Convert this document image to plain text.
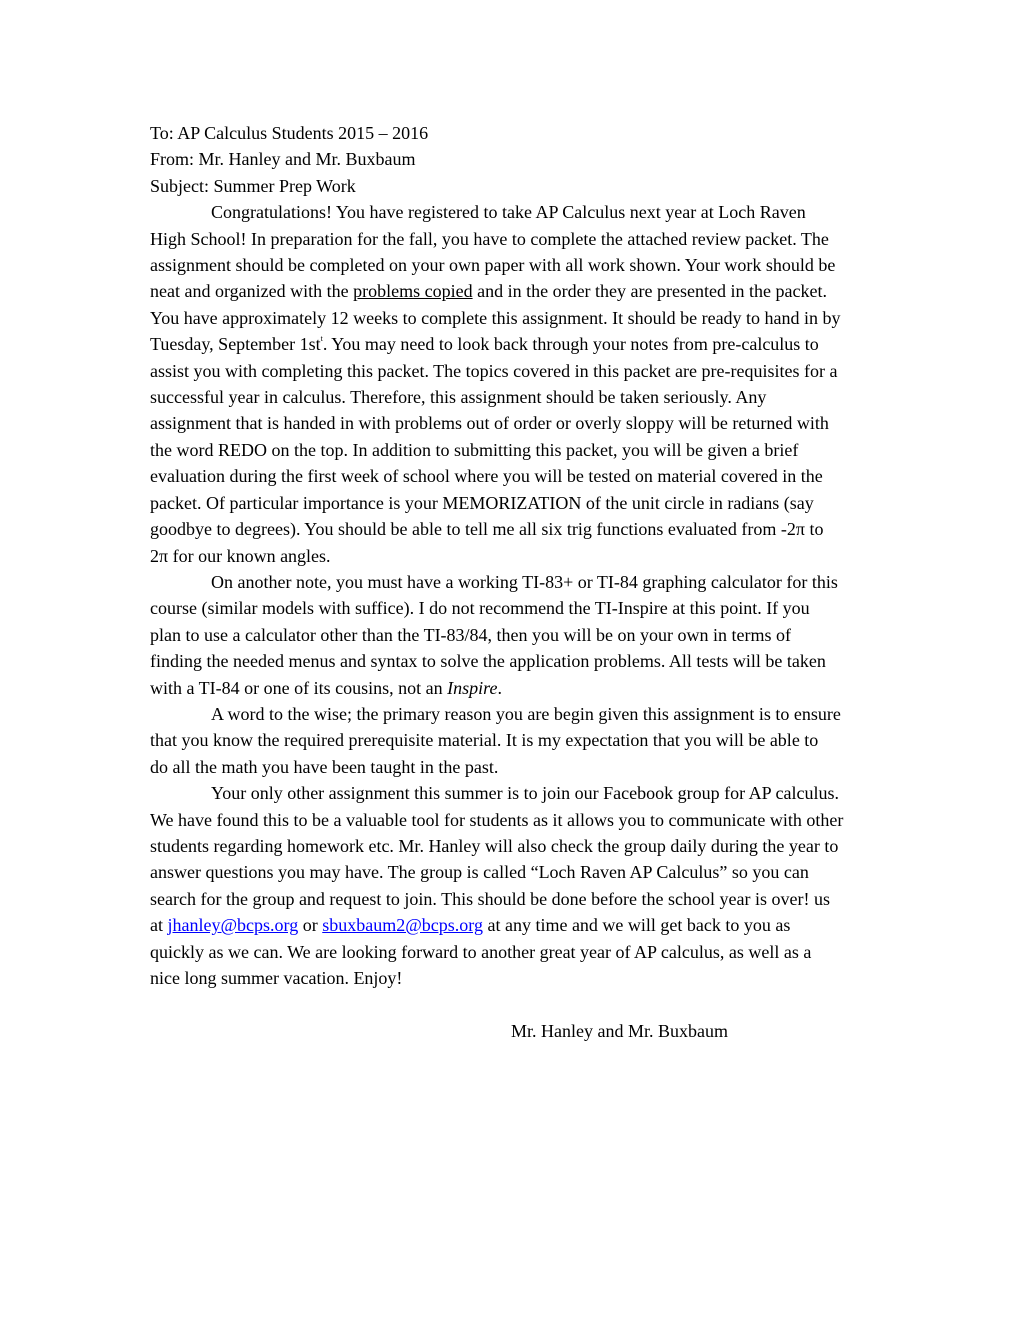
To: AP Calculus Students 2015 – 2016
From: Mr. Hanley and Mr. Buxbaum
Subject: Summer Prep Work
Congratulations! You have registered to take AP Calculus next year at Loch Raven
High School! In preparation for the fall, you have to complete the attached review packet. The
assignment should be completed on your own paper with all work shown. Your work should be
neat and organized with the problems copied and in the order they are presented in the packet.
You have approximately 12 weeks to complete this assignment. It should be ready to hand in by
Tuesday, September $1st^t$. You may need to look back through your notes from pre-calculus to
assist you with completing this packet. The topics covered in this packet are pre-requisites for a
successful year in calculus. Therefore, this assignment should be taken seriously. Any
assignment that is handed in with problems out of order or overly sloppy will be returned with
the word REDO on the top. In addition to submitting this packet, you will be given a brief
evaluation during the first week of school where you will be tested on material covered in the
packet. Of particular importance is your MEMORIZATION of the unit circle in radians (say
goodbye to degrees). You should be able to tell me all six trig functions evaluated from -2π to
2π for our known angles.
On another note, you must have a working TI-83+ or TI-84 graphing calculator for this
course (similar models with suffice). I do not recommend the TI-Inspire at this point. If you
plan to use a calculator other than the TI-83/84, then you will be on your own in terms of
finding the needed menus and syntax to solve the application problems. All tests will be taken
with a TI-84 or one of its cousins, not an Inspire.
A word to the wise; the primary reason you are begin given this assignment is to ensure
that you know the required prerequisite material. It is my expectation that you will be able to
do all the math you have been taught in the past.
Your only other assignment this summer is to join our Facebook group for AP calculus.
We have found this to be a valuable tool for students as it allows you to communicate with other
students regarding homework etc. Mr. Hanley will also check the group daily during the year to
answer questions you may have. The group is called “Loch Raven AP Calculus” so you can
search for the group and request to join. This should be done before the school year is over! us
at jhanley@bcps.org or sbuxbaum2@bcps.org at any time and we will get back to you as
quickly as we can. We are looking forward to another great year of AP calculus, as well as a
nice long summer vacation. Enjoy!
Mr. Hanley and Mr. Buxbaum
